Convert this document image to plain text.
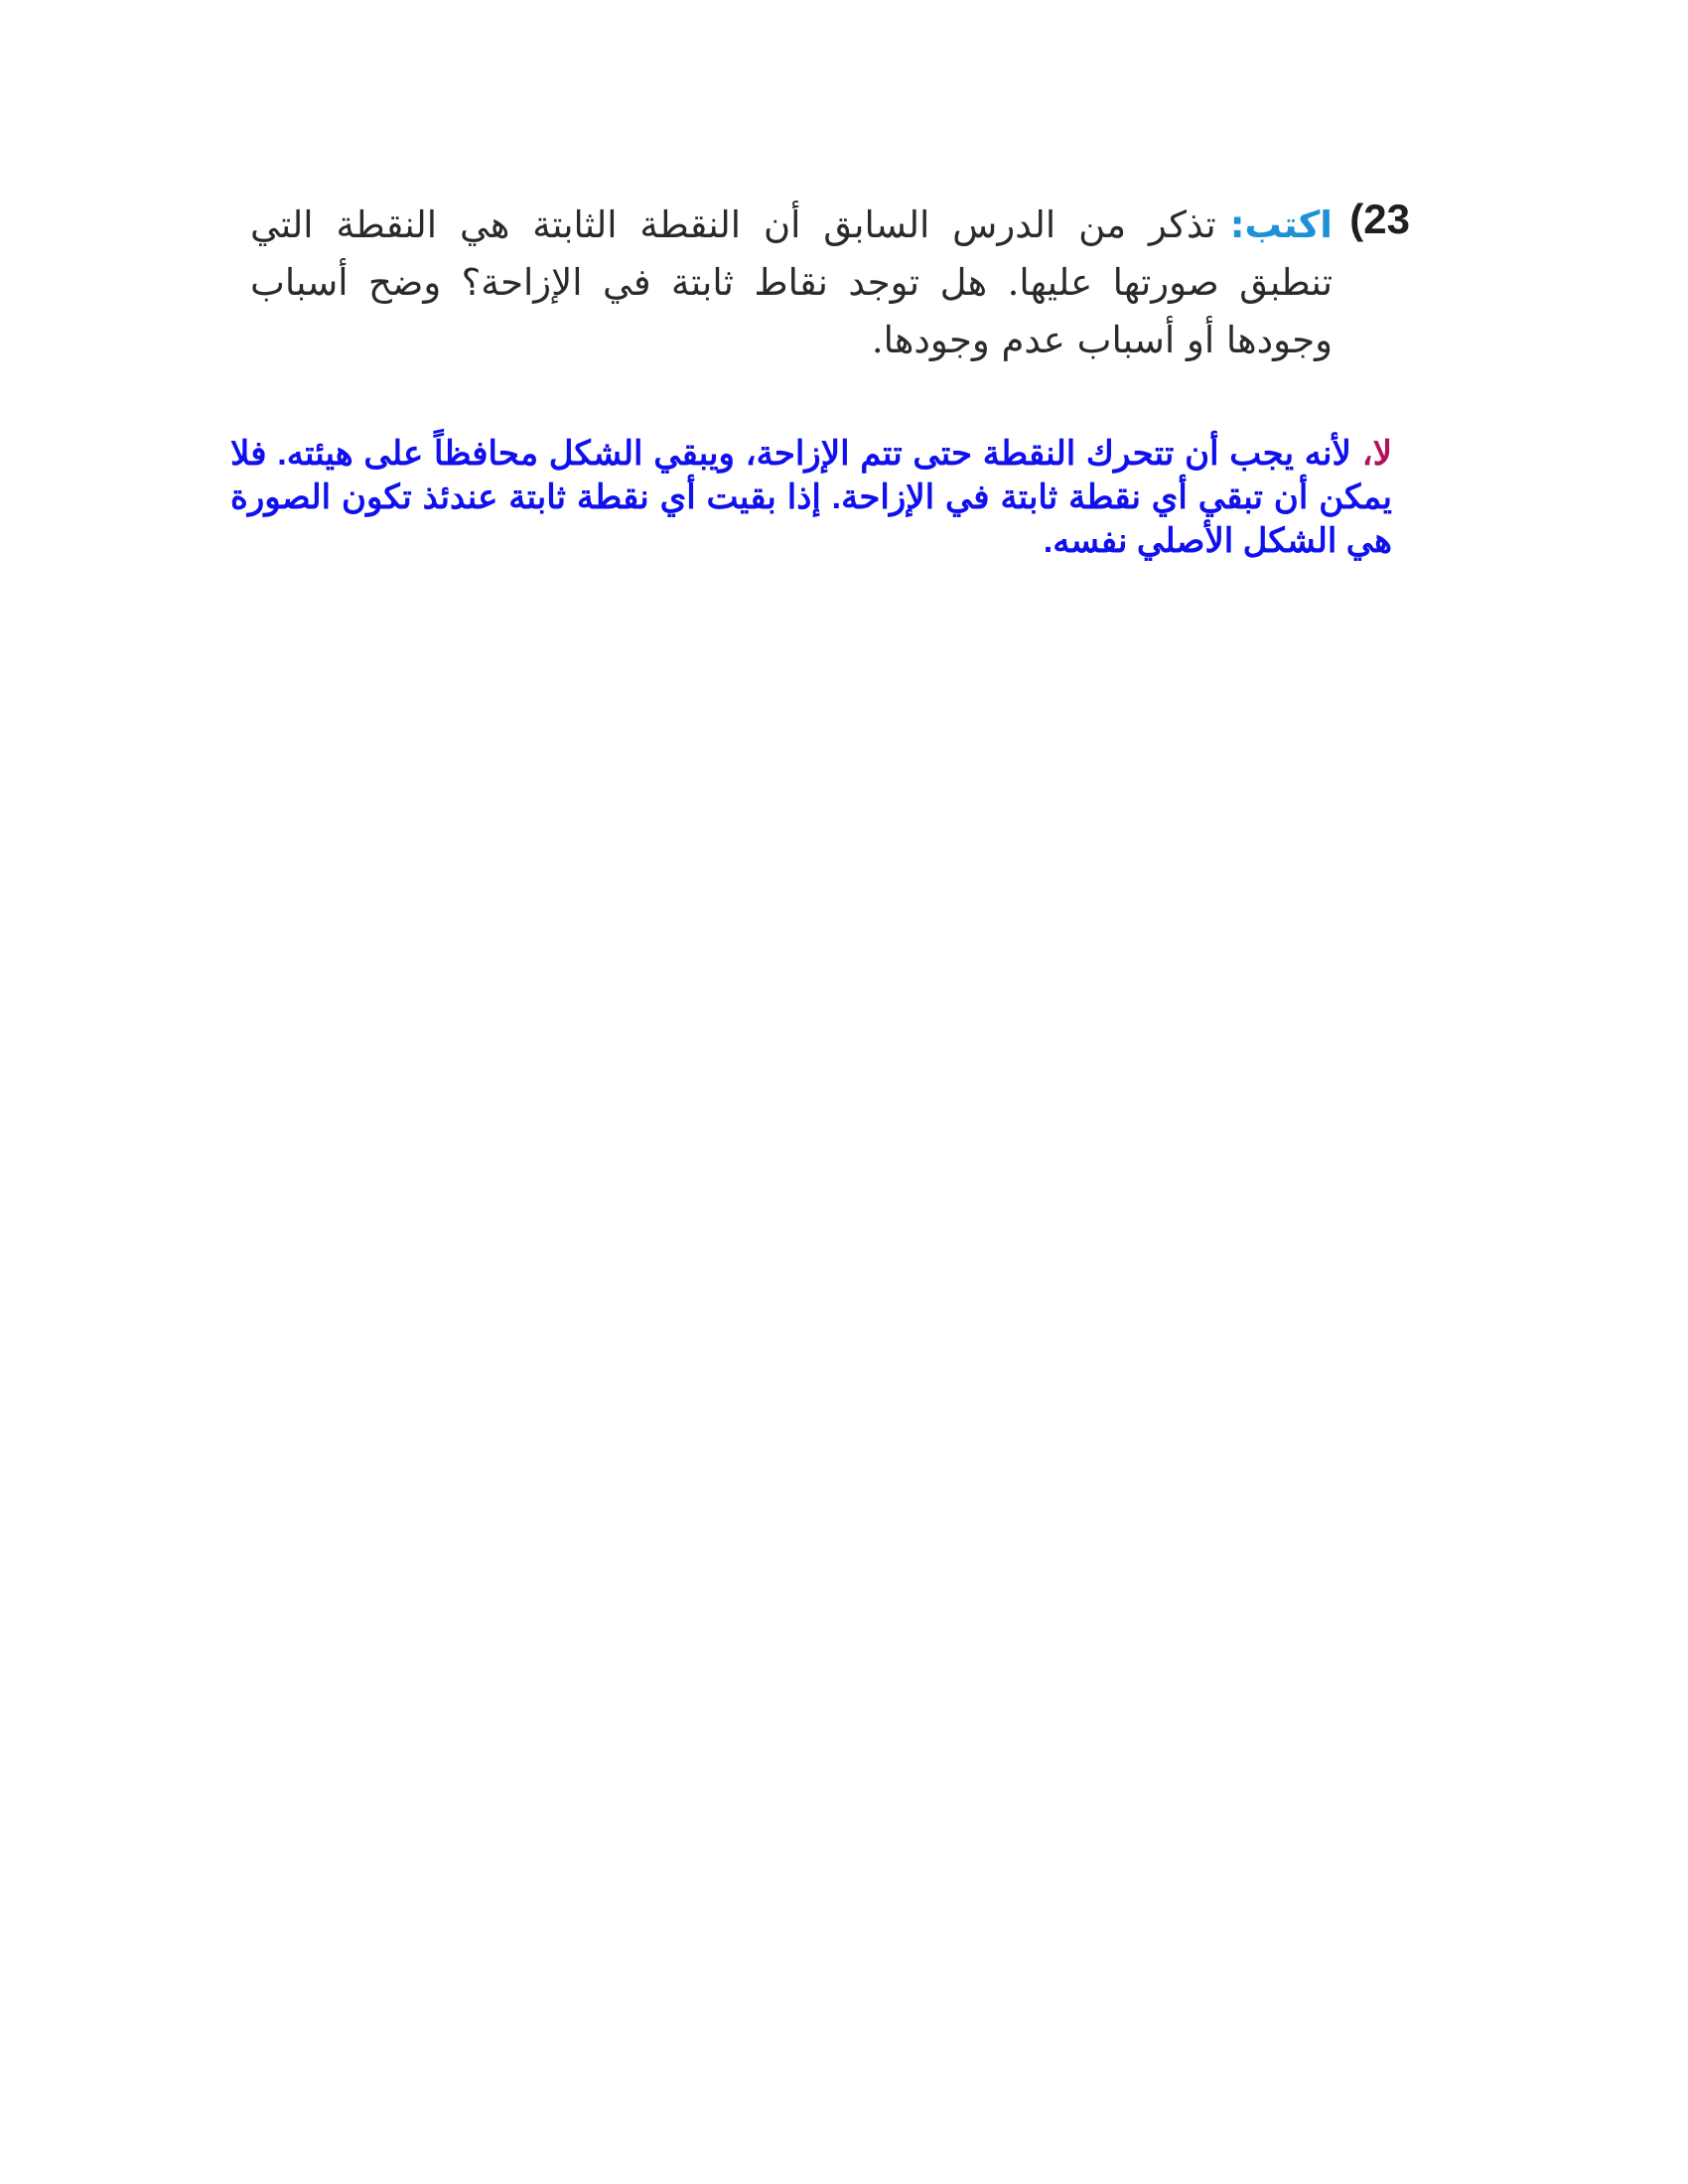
(23
اكتب:تذكر من الدرس السابق أن النقطة الثابتة هي النقطة التي تنطبق صورتها عليها. هل توجد نقاط ثابتة في الإزاحة؟ وضح أسباب وجودها أو أسباب عدم وجودها.
لا، لأنه يجب أن تتحرك النقطة حتى تتم الإزاحة، ويبقي الشكل محافظاً على هيئته. فلا يمكن أن تبقي أي نقطة ثابتة في الإزاحة. إذا بقيت أي نقطة ثابتة عندئذ تكون الصورة هي الشكل الأصلي نفسه.
